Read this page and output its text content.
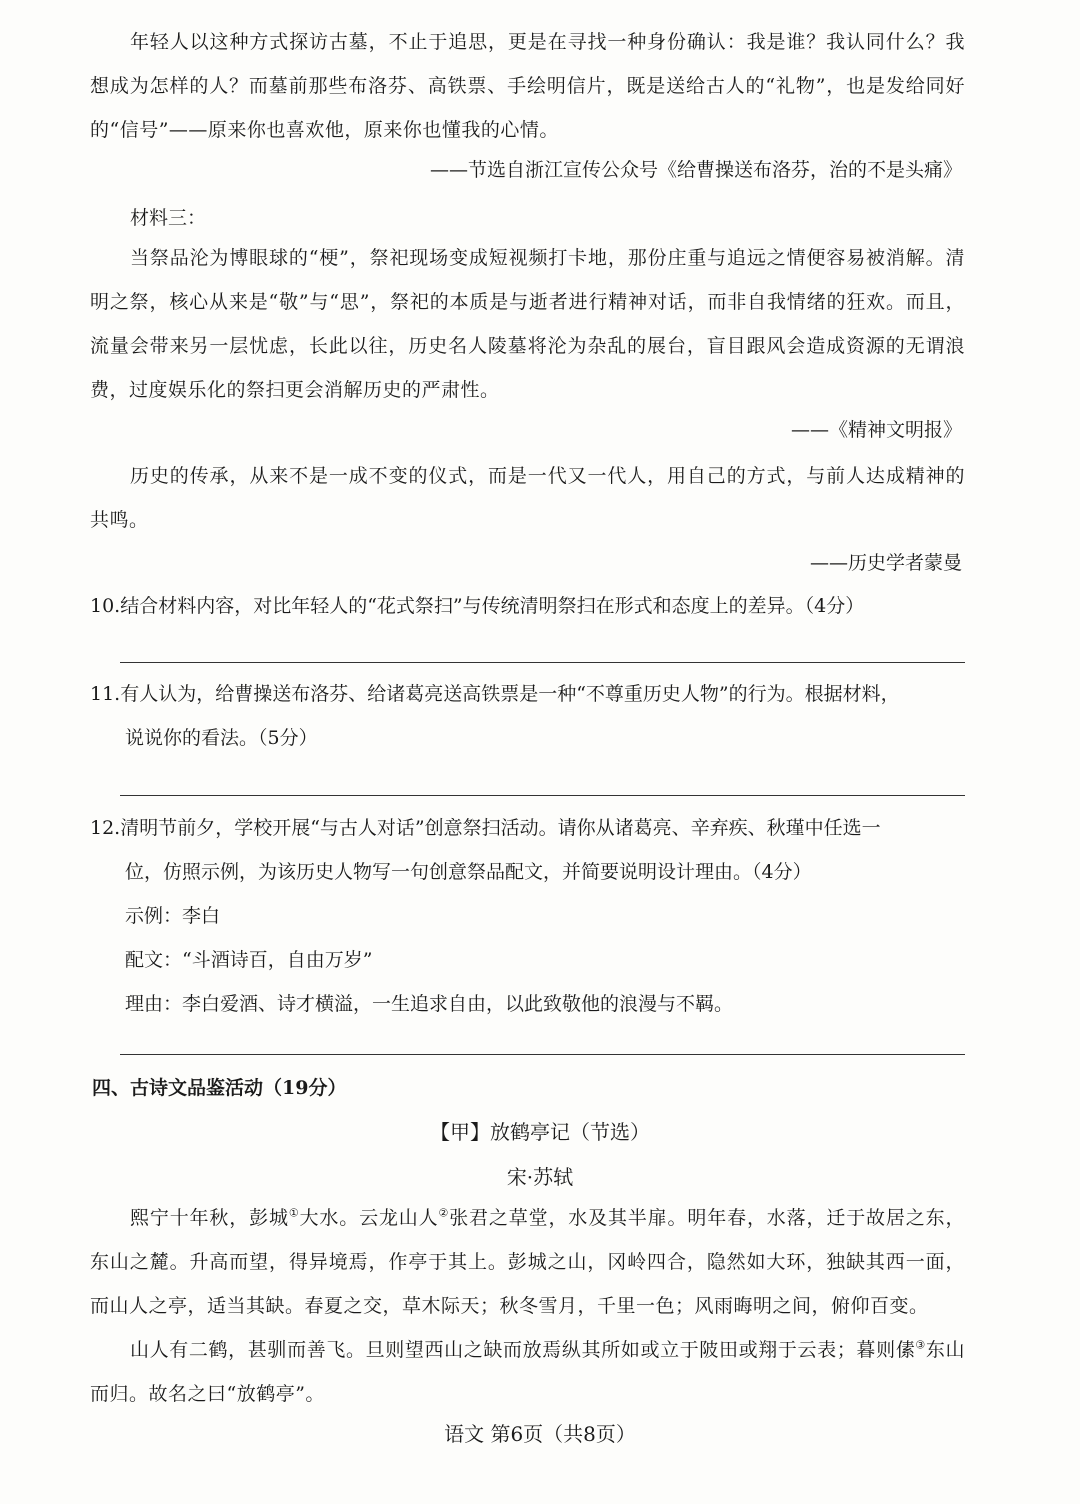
年轻人以这种方式探访古墓，不止于追思，更是在寻找一种身份确认：我是谁？我认同什么？我想成为怎样的人？而墓前那些布洛芬、高铁票、手绘明信片，既是送给古人的“礼物”，也是发给同好的“信号”——原来你也喜欢他，原来你也懂我的心情。

——节选自浙江宣传公众号《给曹操送布洛芬，治的不是头痛》
材料三：

当祭品沦为博眼球的“梗”，祭祀现场变成短视频打卡地，那份庄重与追远之情便容易被消解。清明之祭，核心从来是“敬”与“思”，祭祀的本质是与逝者进行精神对话，而非自我情绪的狂欢。而且，流量会带来另一层忧虑，长此以往，历史名人陵墓将沦为杂乱的展台，盲目跟风会造成资源的无谓浪费，过度娱乐化的祭扫更会消解历史的严肃性。

——《精神文明报》

历史的传承，从来不是一成不变的仪式，而是一代又一代人，用自己的方式，与前人达成精神的共鸣。

——历史学者蒙曼

10.结合材料内容，对比年轻人的“花式祭扫”与传统清明祭扫在形式和态度上的差异。（4分）

11.有人认为，给曹操送布洛芬、给诸葛亮送高铁票是一种“不尊重历史人物”的行为。根据材料，
说说你的看法。（5分）

12.清明节前夕，学校开展“与古人对话”创意祭扫活动。请你从诸葛亮、辛弃疾、秋瑾中任选一
位，仿照示例，为该历史人物写一句创意祭品配文，并简要说明设计理由。（4分）
示例：李白
配文：“斗酒诗百，自由万岁”
理由：李白爱酒、诗才横溢，一生追求自由，以此致敬他的浪漫与不羁。

四、古诗文品鉴活动（19分）
【甲】放鹤亭记（节选）
宋·苏轼

熙宁十年秋，彭城①大水。云龙山人②张君之草堂，水及其半扉。明年春，水落，迁于故居之东，东山之麓。升高而望，得异境焉，作亭于其上。彭城之山，冈岭四合，隐然如大环，独缺其西一面，而山人之亭，适当其缺。春夏之交，草木际天；秋冬雪月，千里一色；风雨晦明之间，俯仰百变。

山人有二鹤，甚驯而善飞。旦则望西山之缺而放焉纵其所如或立于陂田或翔于云表；暮则傃③东山而归。故名之曰“放鹤亭”。

语文 第6页（共8页）
